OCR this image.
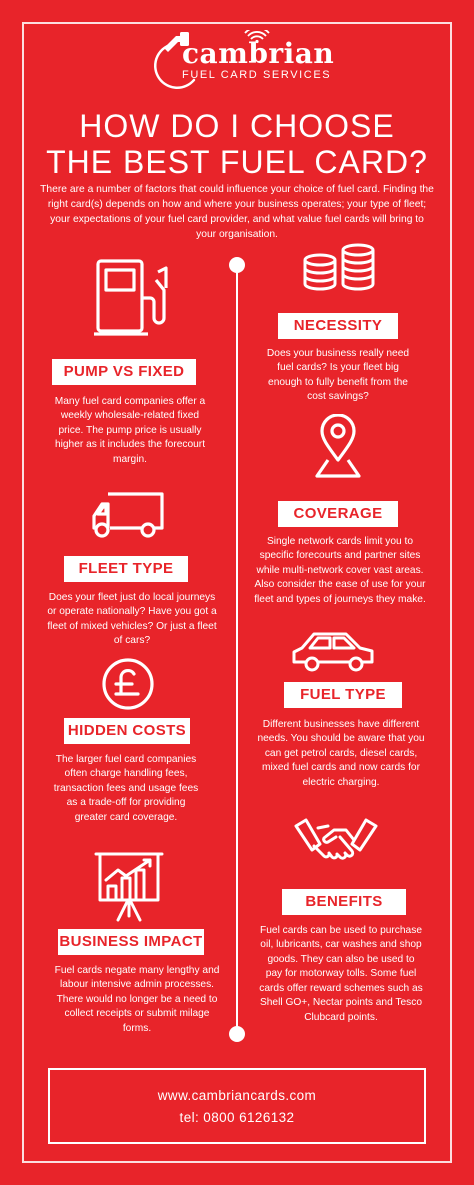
cambrian
FUEL CARD SERVICES
HOW DO I CHOOSE
THE BEST FUEL CARD?
There are a number of factors that could influence your choice of fuel card. Finding the right card(s) depends on how and where your business operates; your type of fleet; your expectations of your fuel card provider, and what value fuel cards will bring to your organisation.
NECESSITY
Does your business really need fuel cards? Is your fleet big enough to fully benefit from the cost savings?
PUMP VS FIXED
Many fuel card companies offer a weekly wholesale-related fixed price. The pump price is usually higher as it includes the forecourt margin.
COVERAGE
Single network cards limit you to specific forecourts and partner sites while multi-network cover vast areas. Also consider the ease of use for your fleet and types of journeys they make.
FLEET TYPE
Does your fleet just do local journeys or operate nationally? Have you got a fleet of mixed vehicles? Or just a fleet of cars?
FUEL TYPE
Different businesses have different needs. You should be aware that you can get petrol cards, diesel cards, mixed fuel cards and now cards for electric charging.
HIDDEN COSTS
The larger fuel card companies often charge handling fees, transaction fees and usage fees as a trade-off for providing greater card coverage.
BENEFITS
Fuel cards can be used to purchase oil, lubricants, car washes and shop goods. They can also be used to pay for motorway tolls. Some fuel cards offer reward schemes such as Shell GO+, Nectar points and Tesco Clubcard points.
BUSINESS IMPACT
Fuel cards negate many lengthy and labour intensive admin processes. There would no longer be a need to collect receipts or submit milage forms.
www.cambriancards.com
tel: 0800 6126132
